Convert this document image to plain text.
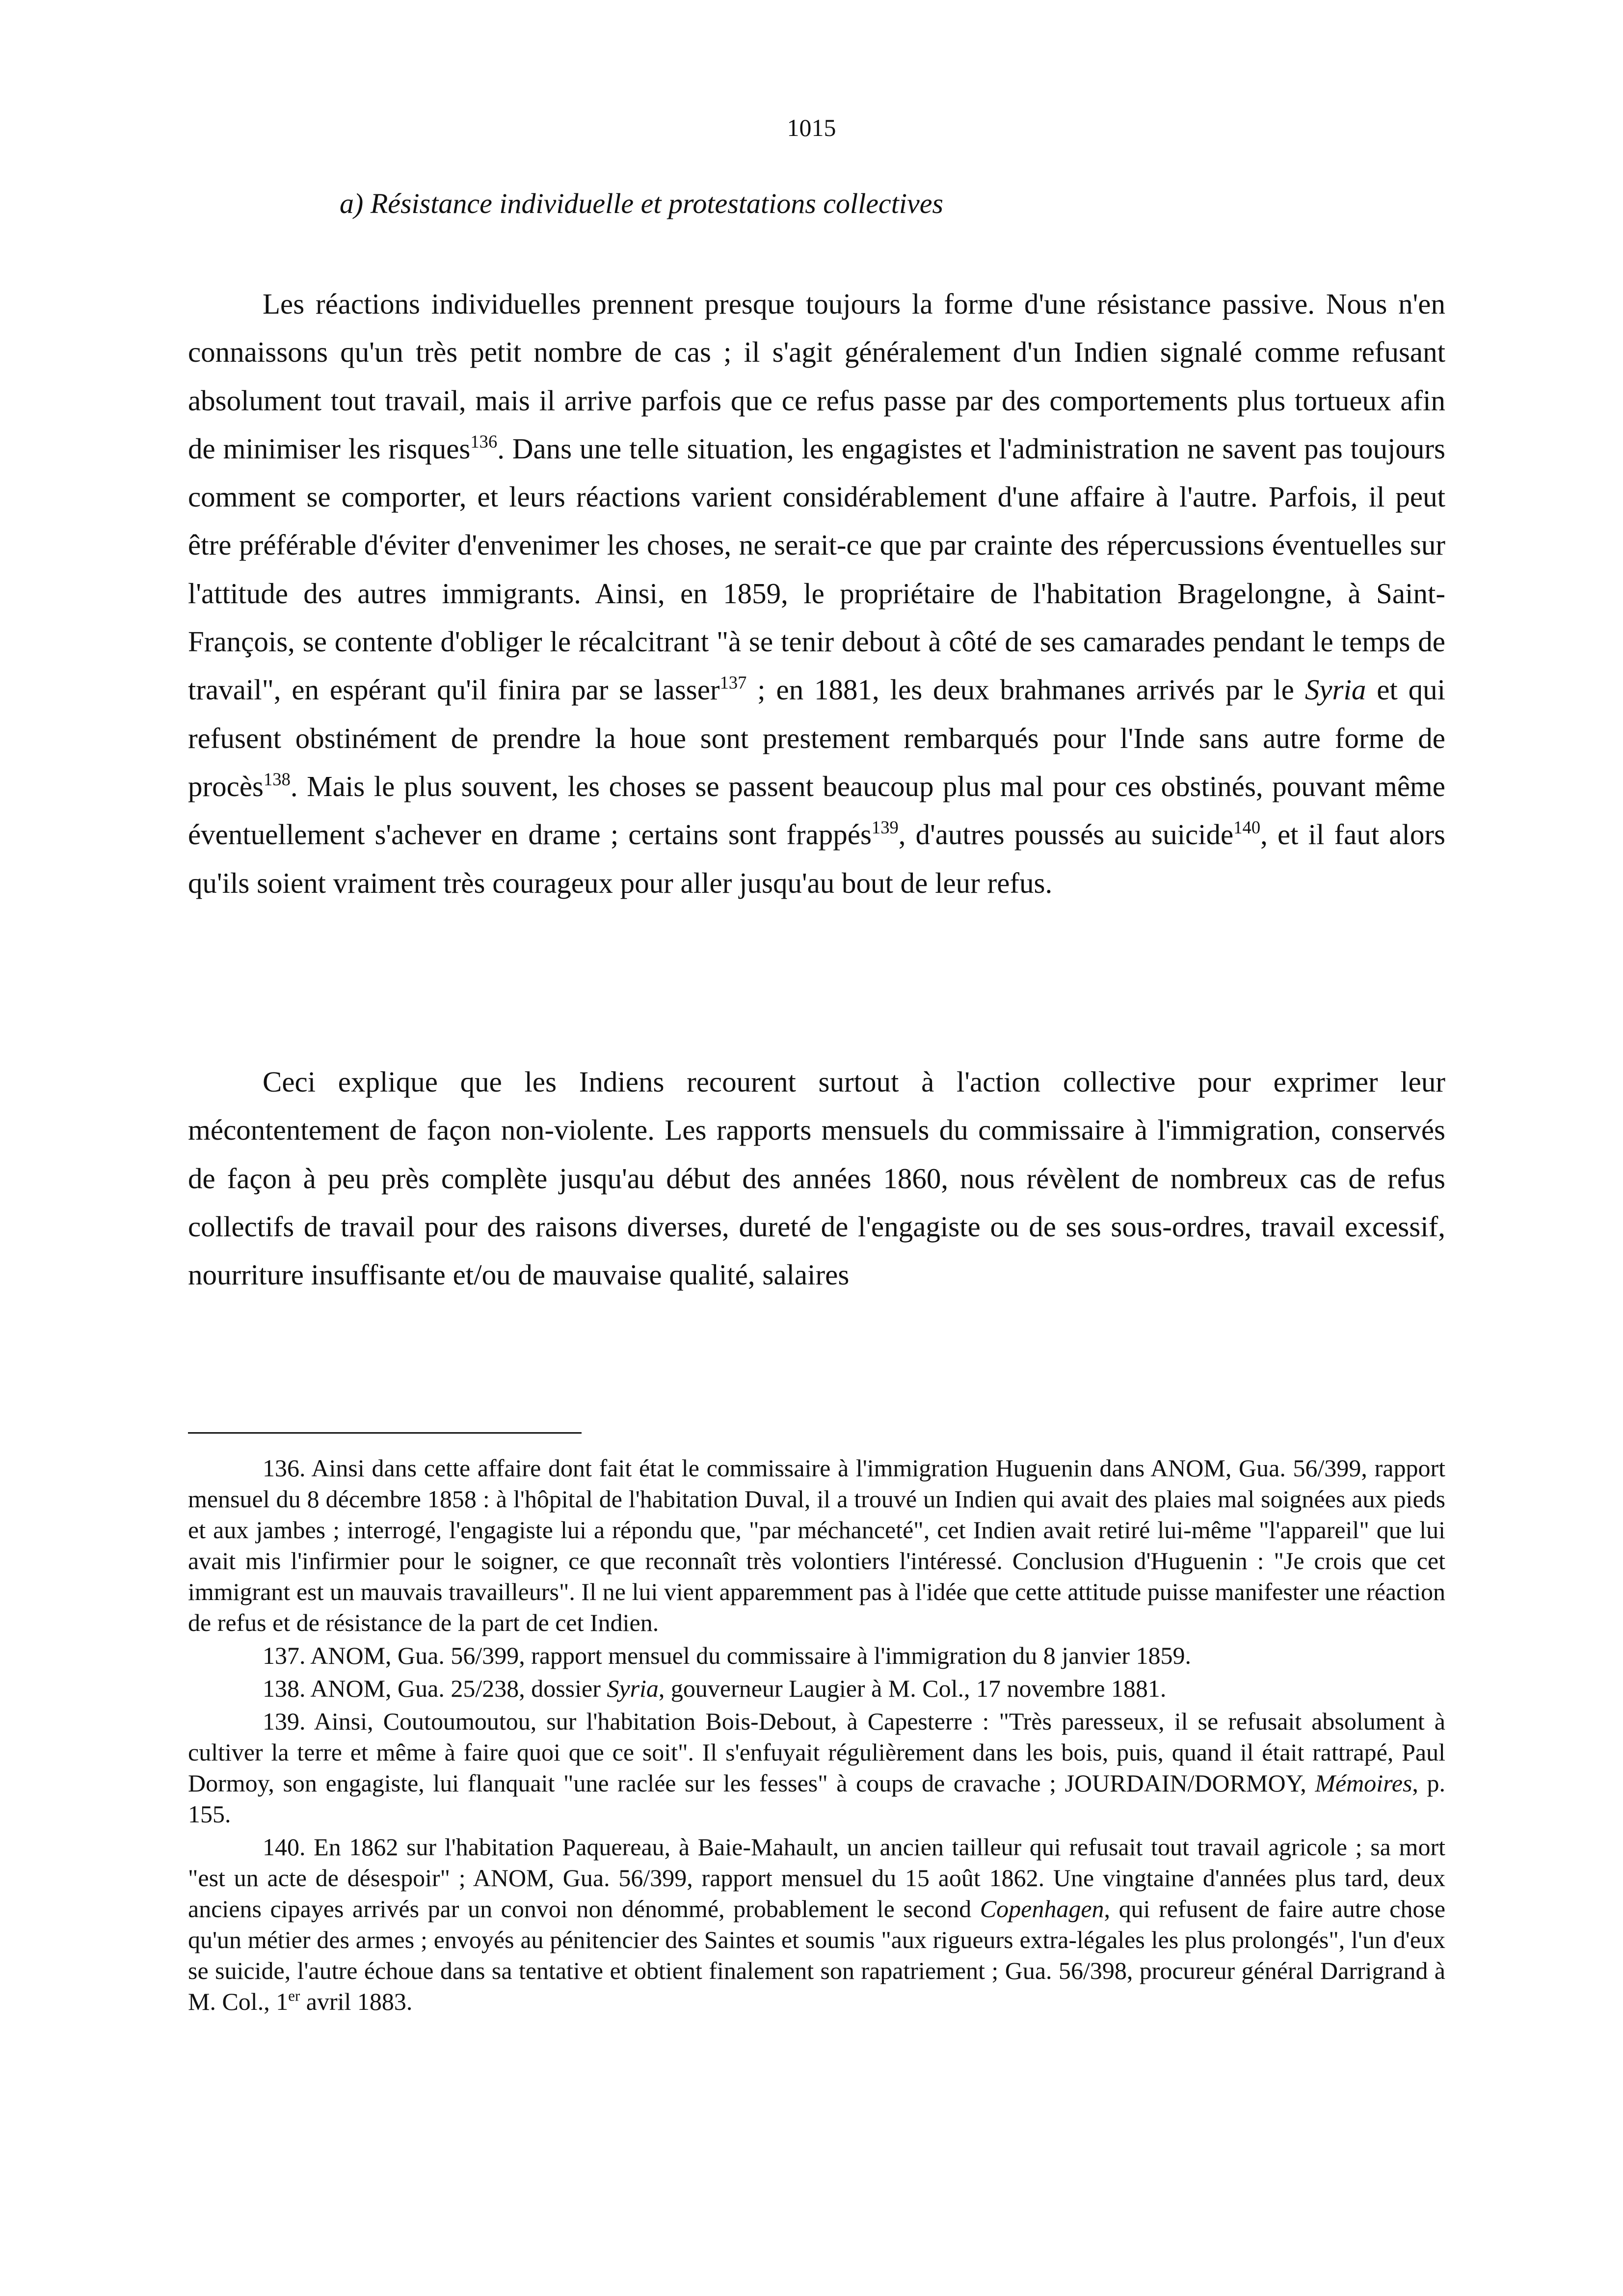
1015
a) Résistance individuelle et protestations collectives

Les réactions individuelles prennent presque toujours la forme d'une résistance passive. Nous n'en connaissons qu'un très petit nombre de cas ; il s'agit généralement d'un Indien signalé comme refusant absolument tout travail, mais il arrive parfois que ce refus passe par des comportements plus tortueux afin de minimiser les risques$^{136}$. Dans une telle situation, les engagistes et l'administration ne savent pas toujours comment se comporter, et leurs réactions varient considérablement d'une affaire à l'autre. Parfois, il peut être préférable d'éviter d'envenimer les choses, ne serait-ce que par crainte des répercussions éventuelles sur l'attitude des autres immigrants. Ainsi, en 1859, le propriétaire de l'habitation Bragelongne, à Saint-François, se contente d'obliger le récalcitrant "à se tenir debout à côté de ses camarades pendant le temps de travail", en espérant qu'il finira par se lasser$^{137}$ ; en 1881, les deux brahmanes arrivés par le Syria et qui refusent obstinément de prendre la houe sont prestement rembarqués pour l'Inde sans autre forme de procès$^{138}$. Mais le plus souvent, les choses se passent beaucoup plus mal pour ces obstinés, pouvant même éventuellement s'achever en drame ; certains sont frappés$^{139}$, d'autres poussés au suicide$^{140}$, et il faut alors qu'ils soient vraiment très courageux pour aller jusqu'au bout de leur refus.

Ceci explique que les Indiens recourent surtout à l'action collective pour exprimer leur mécontentement de façon non-violente. Les rapports mensuels du commissaire à l'immigration, conservés de façon à peu près complète jusqu'au début des années 1860, nous révèlent de nombreux cas de refus collectifs de travail pour des raisons diverses, dureté de l'engagiste ou de ses sous-ordres, travail excessif, nourriture insuffisante et/ou de mauvaise qualité, salaires

136. Ainsi dans cette affaire dont fait état le commissaire à l'immigration Huguenin dans ANOM, Gua. 56/399, rapport mensuel du 8 décembre 1858 : à l'hôpital de l'habitation Duval, il a trouvé un Indien qui avait des plaies mal soignées aux pieds et aux jambes ; interrogé, l'engagiste lui a répondu que, "par méchanceté", cet Indien avait retiré lui-même "l'appareil" que lui avait mis l'infirmier pour le soigner, ce que reconnaît très volontiers l'intéressé. Conclusion d'Huguenin : "Je crois que cet immigrant est un mauvais travailleurs". Il ne lui vient apparemment pas à l'idée que cette attitude puisse manifester une réaction de refus et de résistance de la part de cet Indien.

137. ANOM, Gua. 56/399, rapport mensuel du commissaire à l'immigration du 8 janvier 1859.

138. ANOM, Gua. 25/238, dossier Syria, gouverneur Laugier à M. Col., 17 novembre 1881.

139. Ainsi, Coutoumoutou, sur l'habitation Bois-Debout, à Capesterre : "Très paresseux, il se refusait absolument à cultiver la terre et même à faire quoi que ce soit". Il s'enfuyait régulièrement dans les bois, puis, quand il était rattrapé, Paul Dormoy, son engagiste, lui flanquait "une raclée sur les fesses" à coups de cravache ; JOURDAIN/DORMOY, Mémoires, p. 155.

140. En 1862 sur l'habitation Paquereau, à Baie-Mahault, un ancien tailleur qui refusait tout travail agricole ; sa mort "est un acte de désespoir" ; ANOM, Gua. 56/399, rapport mensuel du 15 août 1862. Une vingtaine d'années plus tard, deux anciens cipayes arrivés par un convoi non dénommé, probablement le second Copenhagen, qui refusent de faire autre chose qu'un métier des armes ; envoyés au pénitencier des Saintes et soumis "aux rigueurs extra-légales les plus prolongés", l'un d'eux se suicide, l'autre échoue dans sa tentative et obtient finalement son rapatriement ; Gua. 56/398, procureur général Darrigrand à M. Col., 1er avril 1883.
